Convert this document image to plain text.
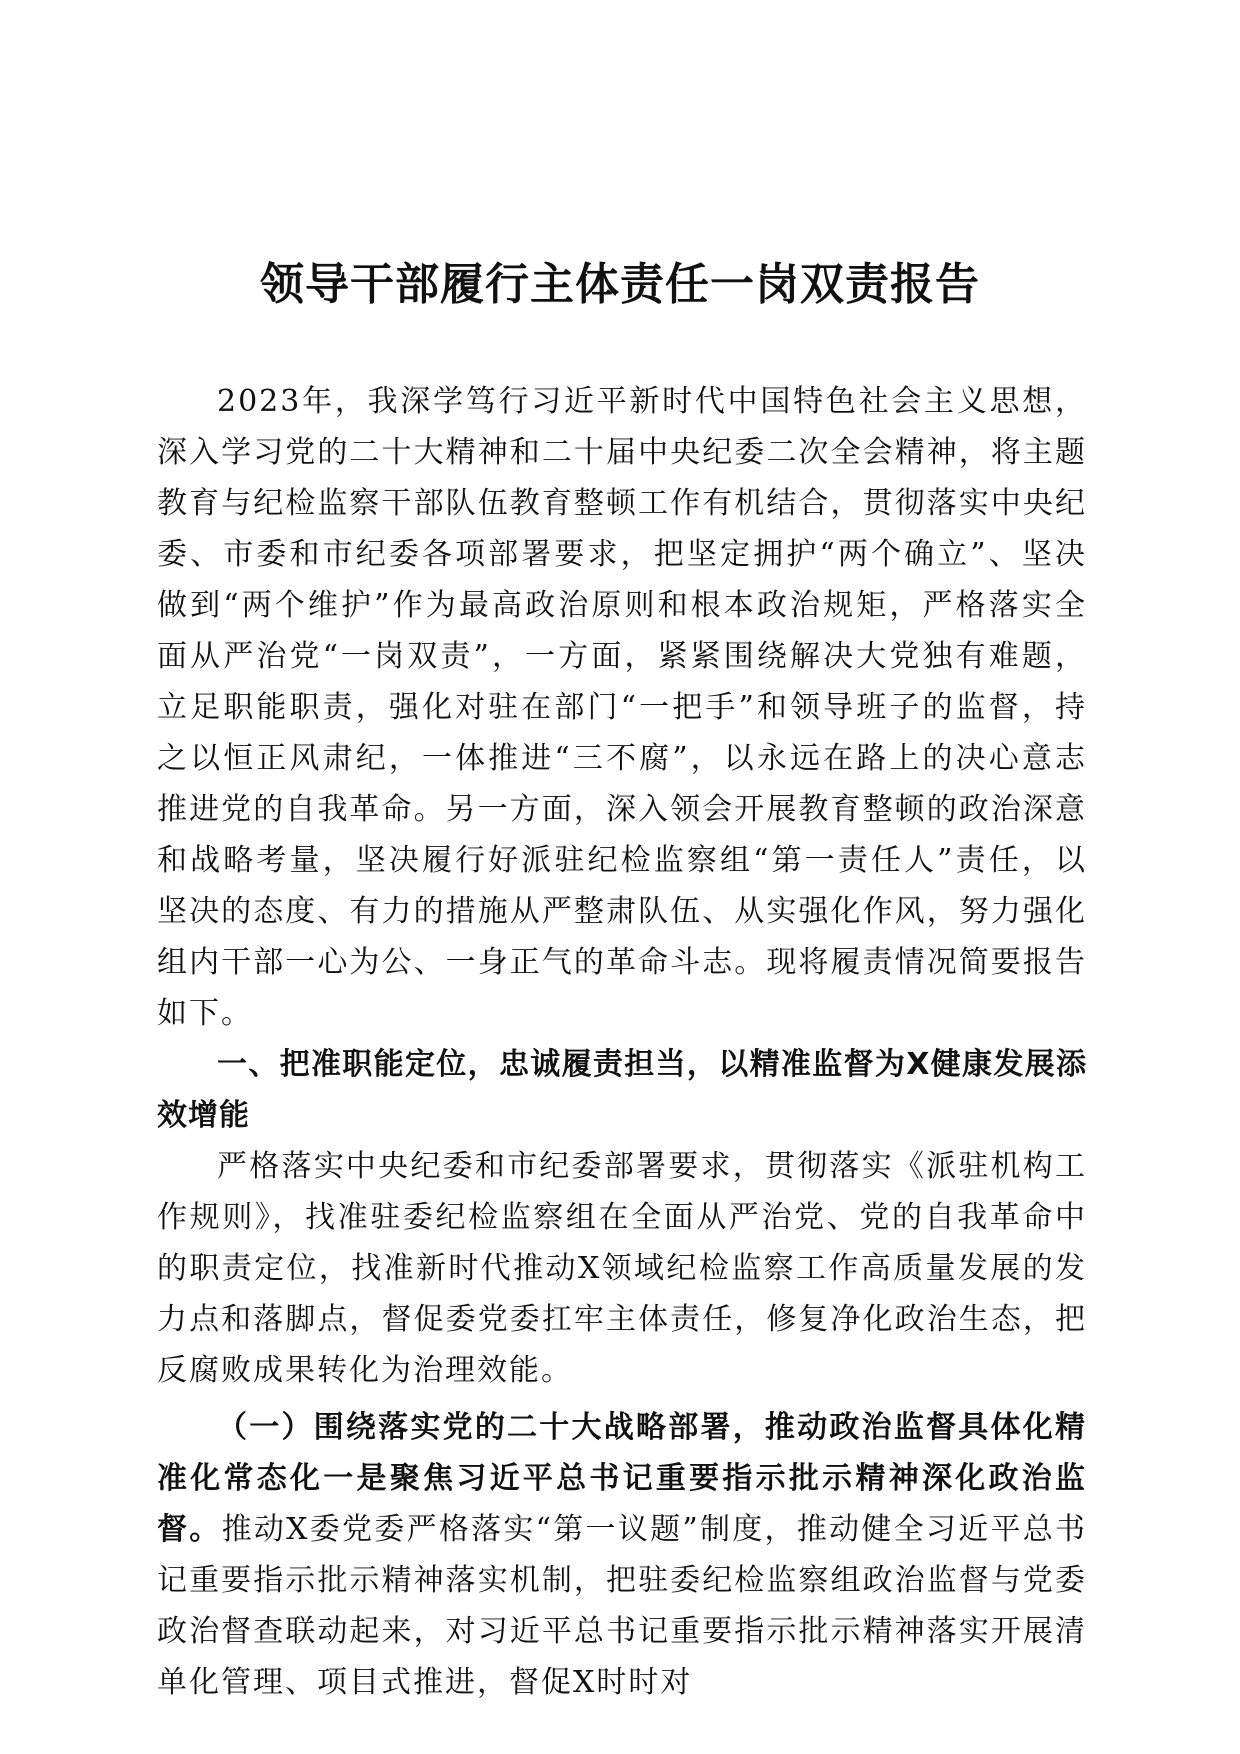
领导干部履行主体责任一岗双责报告

2023年，我深学笃行习近平新时代中国特色社会主义思想，深入学习党的二十大精神和二十届中央纪委二次全会精神，将主题教育与纪检监察干部队伍教育整顿工作有机结合，贯彻落实中央纪委、市委和市纪委各项部署要求，把坚定拥护“两个确立”、坚决做到“两个维护”作为最高政治原则和根本政治规矩，严格落实全面从严治党“一岗双责”，一方面，紧紧围绕解决大党独有难题，立足职能职责，强化对驻在部门“一把手”和领导班子的监督，持之以恒正风肃纪，一体推进“三不腐”，以永远在路上的决心意志推进党的自我革命。另一方面，深入领会开展教育整顿的政治深意和战略考量，坚决履行好派驻纪检监察组“第一责任人”责任，以坚决的态度、有力的措施从严整肃队伍、从实强化作风，努力强化组内干部一心为公、一身正气的革命斗志。现将履责情况简要报告如下。

一、把准职能定位，忠诚履责担当，以精准监督为X健康发展添效增能

严格落实中央纪委和市纪委部署要求，贯彻落实《派驻机构工作规则》，找准驻委纪检监察组在全面从严治党、党的自我革命中的职责定位，找准新时代推动X领域纪检监察工作高质量发展的发力点和落脚点，督促委党委扛牢主体责任，修复净化政治生态，把反腐败成果转化为治理效能。

（一）围绕落实党的二十大战略部署，推动政治监督具体化精准化常态化一是聚焦习近平总书记重要指示批示精神深化政治监督。推动X委党委严格落实“第一议题”制度，推动健全习近平总书记重要指示批示精神落实机制，把驻委纪检监察组政治监督与党委政治督查联动起来，对习近平总书记重要指示批示精神落实开展清单化管理、项目式推进，督促X时时对
